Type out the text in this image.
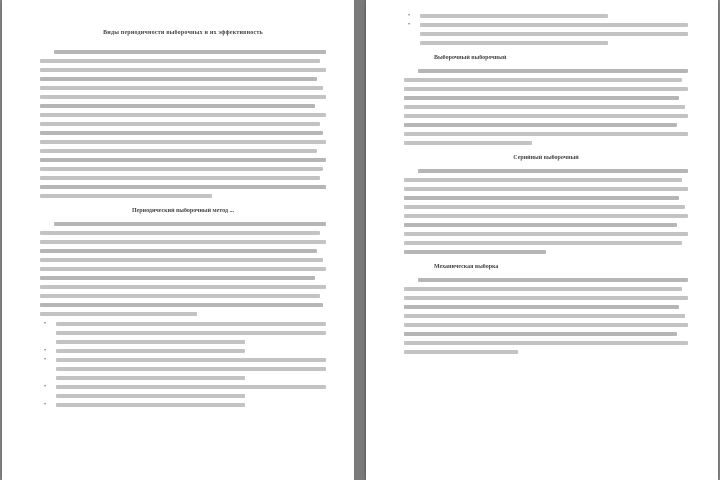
Виды периодичности выборочных и их эффективность
Периодический выборочный метод ...
•
•
•
•
•
•
•
Выборочный выборочный
Серийный выборочный
Механическая выборка
